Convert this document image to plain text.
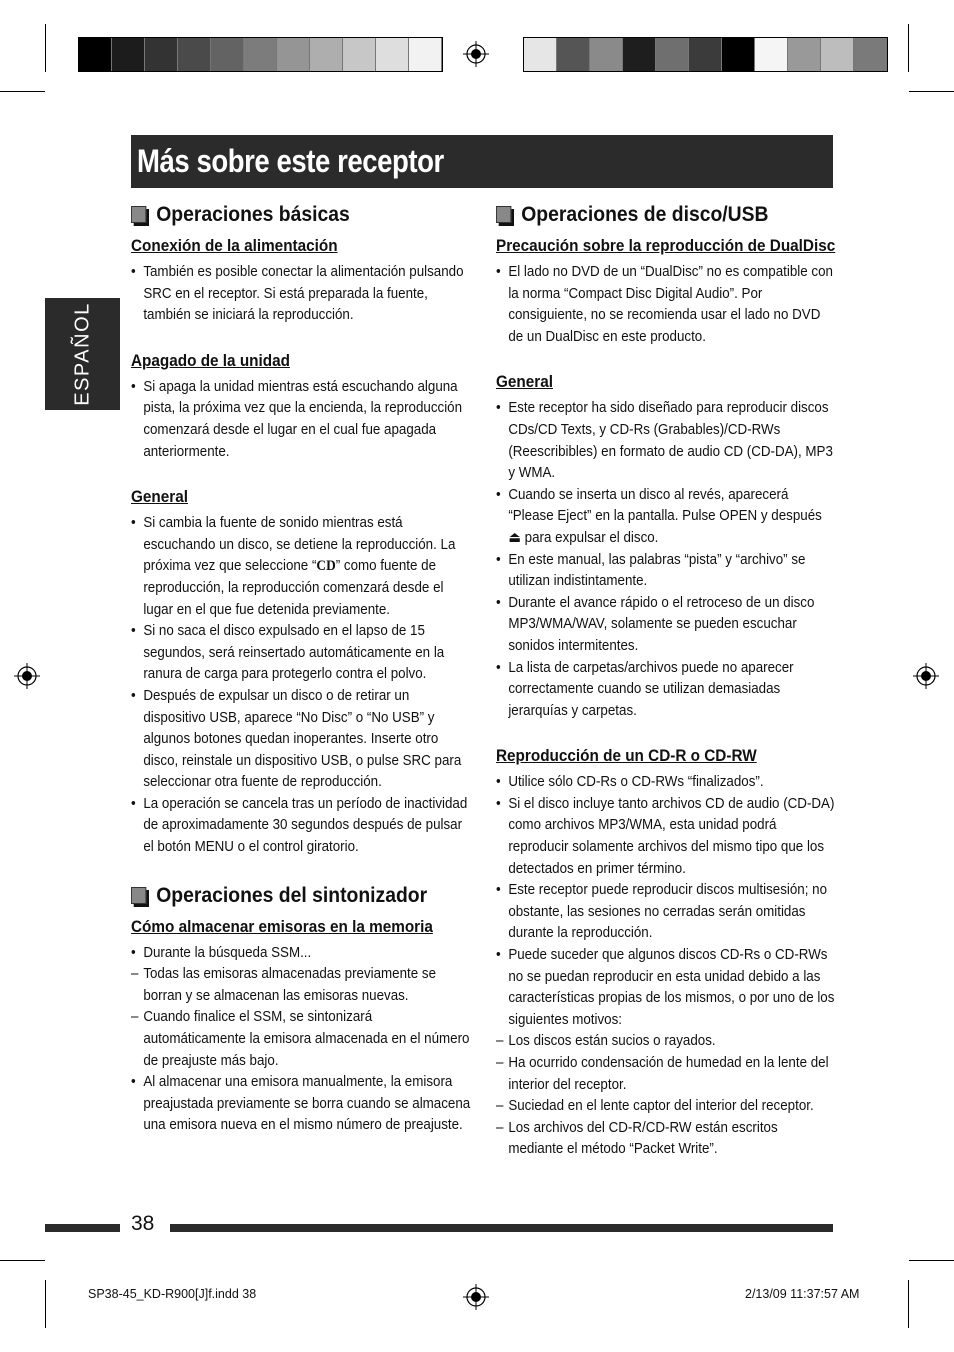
Más sobre este receptor
ESPAÑOL
Operaciones básicas
Conexión de la alimentación
• También es posible conectar la alimentación pulsando SRC en el receptor. Si está preparada la fuente, también se iniciará la reproducción.
Apagado de la unidad
• Si apaga la unidad mientras está escuchando alguna pista, la próxima vez que la encienda, la reproducción comenzará desde el lugar en el cual fue apagada anteriormente.
General
• Si cambia la fuente de sonido mientras está escuchando un disco, se detiene la reproducción. La próxima vez que seleccione “CD” como fuente de reproducción, la reproducción comenzará desde el lugar en el que fue detenida previamente.
• Si no saca el disco expulsado en el lapso de 15 segundos, será reinsertado automáticamente en la ranura de carga para protegerlo contra el polvo.
• Después de expulsar un disco o de retirar un dispositivo USB, aparece “No Disc” o “No USB” y algunos botones quedan inoperantes. Inserte otro disco, reinstale un dispositivo USB, o pulse SRC para seleccionar otra fuente de reproducción.
• La operación se cancela tras un período de inactividad de aproximadamente 30 segundos después de pulsar el botón MENU o el control giratorio.
Operaciones del sintonizador
Cómo almacenar emisoras en la memoria
• Durante la búsqueda SSM...
– Todas las emisoras almacenadas previamente se borran y se almacenan las emisoras nuevas.
– Cuando finalice el SSM, se sintonizará automáticamente la emisora almacenada en el número de preajuste más bajo.
• Al almacenar una emisora manualmente, la emisora preajustada previamente se borra cuando se almacena una emisora nueva en el mismo número de preajuste.
Operaciones de disco/USB
Precaución sobre la reproducción de DualDisc
• El lado no DVD de un “DualDisc” no es compatible con la norma “Compact Disc Digital Audio”. Por consiguiente, no se recomienda usar el lado no DVD de un DualDisc en este producto.
General
• Este receptor ha sido diseñado para reproducir discos CDs/CD Texts, y CD-Rs (Grabables)/CD-RWs (Reescribibles) en formato de audio CD (CD-DA), MP3 y WMA.
• Cuando se inserta un disco al revés, aparecerá “Please Eject” en la pantalla. Pulse OPEN y después ⏏ para expulsar el disco.
• En este manual, las palabras “pista” y “archivo” se utilizan indistintamente.
• Durante el avance rápido o el retroceso de un disco MP3/WMA/WAV, solamente se pueden escuchar sonidos intermitentes.
• La lista de carpetas/archivos puede no aparecer correctamente cuando se utilizan demasiadas jerarquías y carpetas.
Reproducción de un CD-R o CD-RW
• Utilice sólo CD-Rs o CD-RWs “finalizados”.
• Si el disco incluye tanto archivos CD de audio (CD-DA) como archivos MP3/WMA, esta unidad podrá reproducir solamente archivos del mismo tipo que los detectados en primer término.
• Este receptor puede reproducir discos multisesión; no obstante, las sesiones no cerradas serán omitidas durante la reproducción.
• Puede suceder que algunos discos CD-Rs o CD-RWs no se puedan reproducir en esta unidad debido a las características propias de los mismos, o por uno de los siguientes motivos:
– Los discos están sucios o rayados.
– Ha ocurrido condensación de humedad en la lente del interior del receptor.
– Suciedad en el lente captor del interior del receptor.
– Los archivos del CD-R/CD-RW están escritos mediante el método “Packet Write”.
38
SP38-45_KD-R900[J]f.indd 38	2/13/09 11:37:57 AM
